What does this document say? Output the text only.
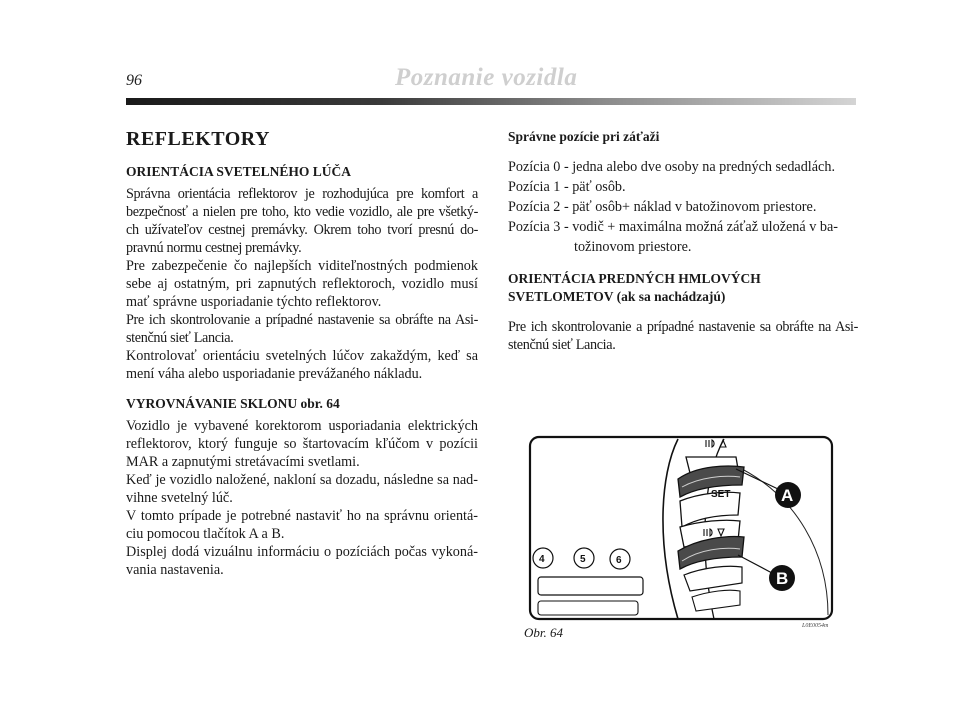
96	Poznanie vozidla
REFLEKTORY
ORIENTÁCIA SVETELNÉHO LÚČA

Správna orientácia reflektorov je rozhodujúca pre komfort a bezpečnosť a nielen pre toho, kto vedie vozidlo, ale pre všetký- ch užívateľov cestnej premávky. Okrem toho tvorí presnú do- pravnú normu cestnej premávky.

Pre zabezpečenie čo najlepších viditeľnostných podmienok sebe aj ostatným, pri zapnutých reflektoroch, vozidlo musí mať správne usporiadanie týchto reflektorov.

Pre ich skontrolovanie a prípadné nastavenie sa obráfte na Asi- stenčnú sieť Lancia.

Kontrolovať orientáciu svetelných lúčov zakaždým, keď sa mení váha alebo usporiadanie prevážaného nákladu.

VYROVNÁVANIE SKLONU obr. 64

Vozidlo je vybavené korektorom usporiadania elektrických reflektorov, ktorý funguje so štartovacím kľúčom v pozícii MAR a zapnutými stretávacími svetlami.

Keď je vozidlo naložené, nakloní sa dozadu, následne sa nad- vihne svetelný lúč.

V tomto prípade je potrebné nastaviť ho na správnu orientá- ciu pomocou tlačítok A a B.

Displej dodá vizuálnu informáciu o pozíciách počas vykoná- vania nastavenia.

Správne pozície pri záťaži
Pozícia 0 - jedna alebo dve osoby na predných sedadlách.
Pozícia 1 - päť osôb.
Pozícia 2 - päť osôb+ náklad v batožinovom priestore.
Pozícia 3 - vodič + maximálna možná záťaž uložená v ba-
tožinovom priestore.
ORIENTÁCIA PREDNÝCH HMLOVÝCH SVETLOMETOV (ak sa nachádzajú)

Pre ich skontrolovanie a prípadné nastavenie sa obráfte na Asi- stenčnú sieť Lancia.

SET
4	5	6
A
B
Obr. 64	L0E0054m
